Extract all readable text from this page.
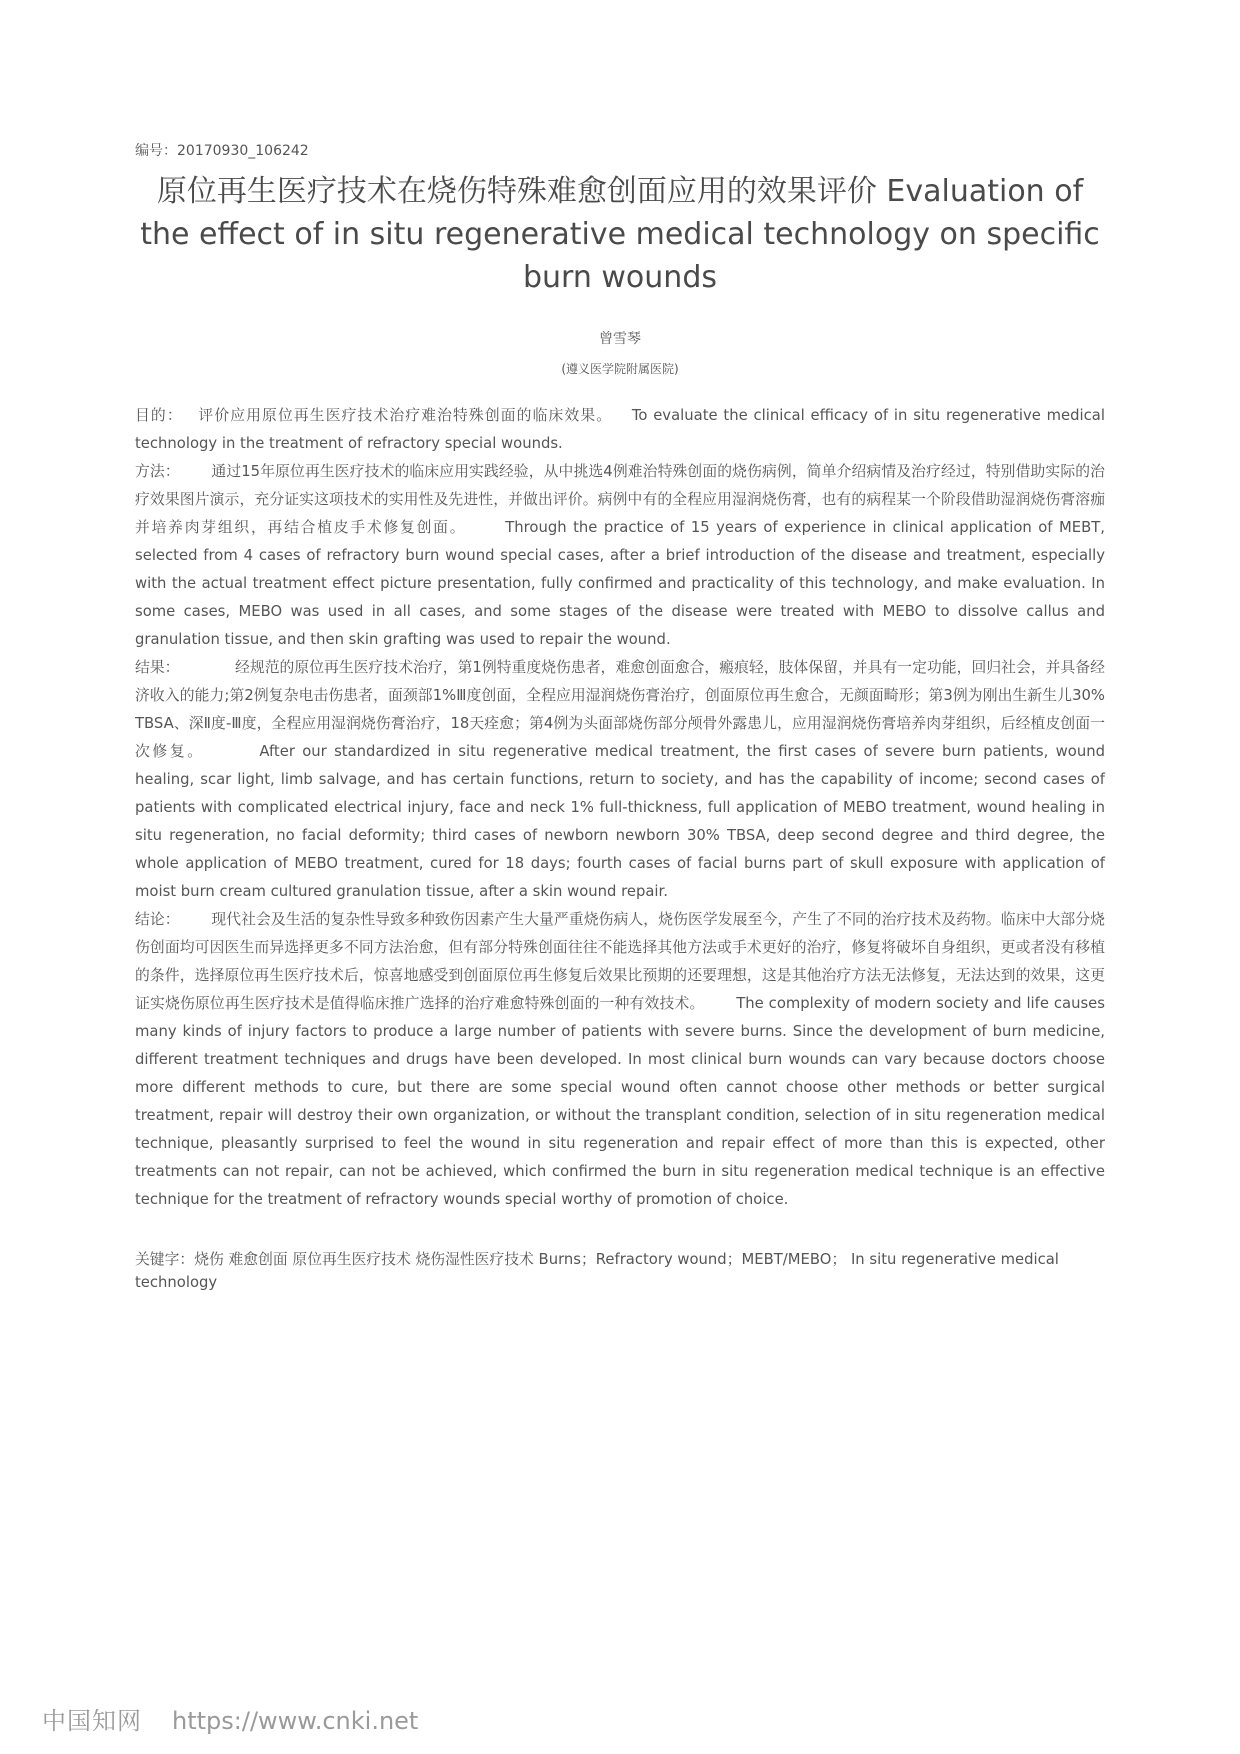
编号：20170930_106242
原位再生医疗技术在烧伤特殊难愈创面应用的效果评价 Evaluation of the effect of in situ regenerative medical technology on specific burn wounds
曾雪琴
(遵义医学院附属医院)

目的： 评价应用原位再生医疗技术治疗难治特殊创面的临床效果。 To evaluate the clinical efficacy of in situ regenerative medical technology in the treatment of refractory special wounds.

方法： 通过15年原位再生医疗技术的临床应用实践经验，从中挑选4例难治特殊创面的烧伤病例，简单介绍病情及治疗经过，特别借助实际的治疗效果图片演示，充分证实这项技术的实用性及先进性，并做出评价。病例中有的全程应用湿润烧伤膏，也有的病程某一个阶段借助湿润烧伤膏溶痂并培养肉芽组织，再结合植皮手术修复创面。	Through the practice of 15 years of experience in clinical application of MEBT, selected from 4 cases of refractory burn wound special cases, after a brief introduction of the disease and treatment, especially with the actual treatment effect picture presentation, fully confirmed and practicality of this technology, and make evaluation. In some cases, MEBO was used in all cases, and some stages of the disease were treated with MEBO to dissolve callus and granulation tissue, and then skin grafting was used to repair the wound.

结果：	经规范的原位再生医疗技术治疗，第1例特重度烧伤患者，难愈创面愈合，瘢痕轻，肢体保留，并具有一定功能，回归社会，并具备经济收入的能力;第2例复杂电击伤患者，面颈部1%Ⅲ度创面，全程应用湿润烧伤膏治疗，创面原位再生愈合，无颜面畸形；第3例为刚出生新生儿30% TBSA、深Ⅱ度-Ⅲ度，全程应用湿润烧伤膏治疗，18天痊愈；第4例为头面部烧伤部分颅骨外露患儿，应用湿润烧伤膏培养肉芽组织，后经植皮创面一次修复。	After our standardized in situ regenerative medical treatment, the first cases of severe burn patients, wound healing, scar light, limb salvage, and has certain functions, return to society, and has the capability of income; second cases of patients with complicated electrical injury, face and neck 1% full-thickness, full application of MEBO treatment, wound healing in situ regeneration, no facial deformity; third cases of newborn newborn 30% TBSA, deep second degree and third degree, the whole application of MEBO treatment, cured for 18 days; fourth cases of facial burns part of skull exposure with application of moist burn cream cultured granulation tissue, after a skin wound repair.

结论： 现代社会及生活的复杂性导致多种致伤因素产生大量严重烧伤病人，烧伤医学发展至今，产生了不同的治疗技术及药物。临床中大部分烧伤创面均可因医生而异选择更多不同方法治愈，但有部分特殊创面往往不能选择其他方法或手术更好的治疗，修复将破坏自身组织，更或者没有移植的条件，选择原位再生医疗技术后，惊喜地感受到创面原位再生修复后效果比预期的还要理想，这是其他治疗方法无法修复，无法达到的效果，这更证实烧伤原位再生医疗技术是值得临床推广选择的治疗难愈特殊创面的一种有效技术。 The complexity of modern society and life causes many kinds of injury factors to produce a large number of patients with severe burns. Since the development of burn medicine, different treatment techniques and drugs have been developed. In most clinical burn wounds can vary because doctors choose more different methods to cure, but there are some special wound often cannot choose other methods or better surgical treatment, repair will destroy their own organization, or without the transplant condition, selection of in situ regeneration medical technique, pleasantly surprised to feel the wound in situ regeneration and repair effect of more than this is expected, other treatments can not repair, can not be achieved, which confirmed the burn in situ regeneration medical technique is an effective technique for the treatment of refractory wounds special worthy of promotion of choice.

关键字：烧伤 难愈创面 原位再生医疗技术 烧伤湿性医疗技术 Burns；Refractory wound；MEBT/MEBO； In situ regenerative medical technology
中国知网 https://www.cnki.net
